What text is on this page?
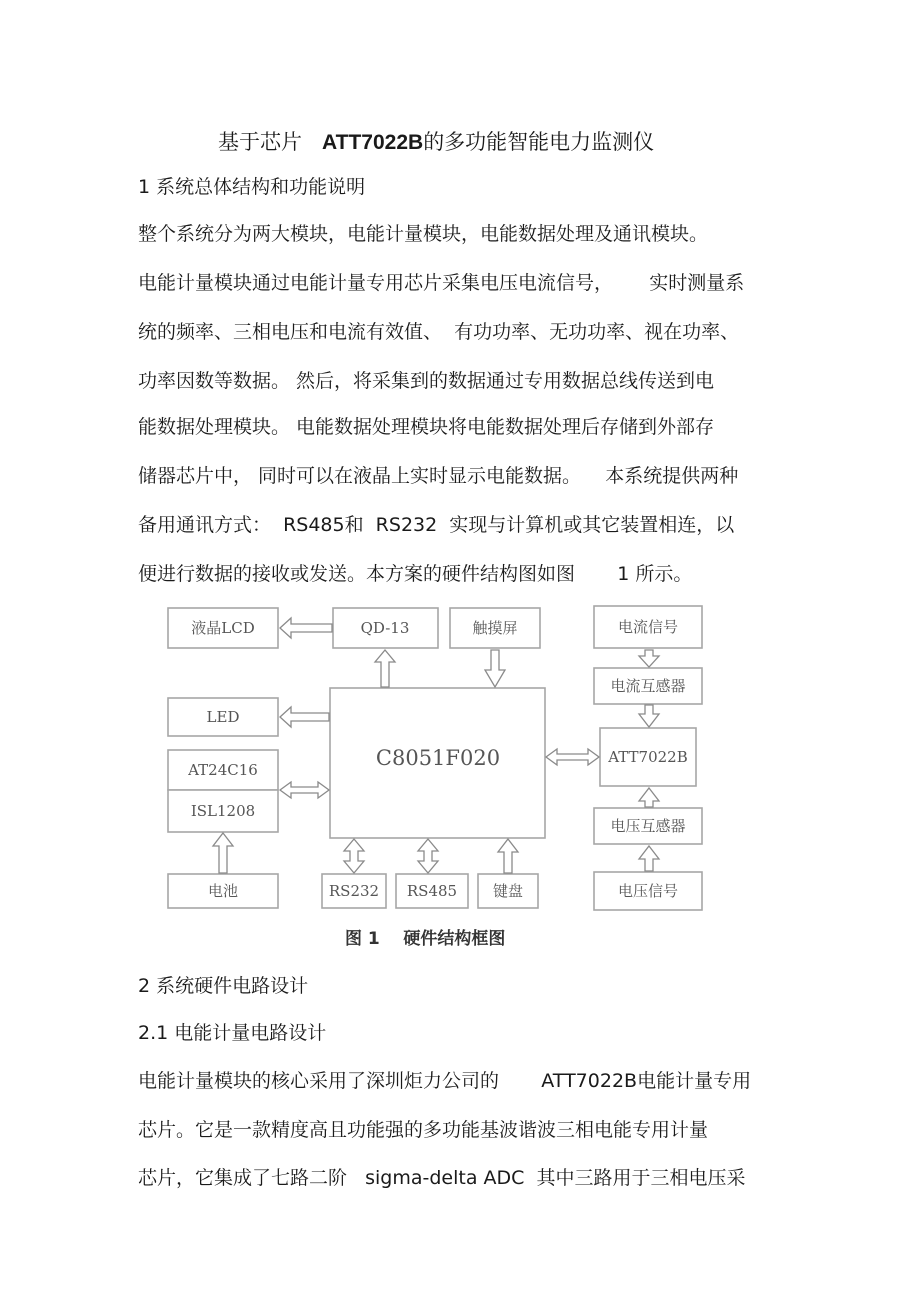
基于芯片 ATT7022B的多功能智能电力监测仪
1 系统总体结构和功能说明
整个系统分为两大模块，电能计量模块，电能数据处理及通讯模块。
电能计量模块通过电能计量专用芯片采集电压电流信号，      实时测量系
统的频率、三相电压和电流有效值、  有功功率、无功功率、视在功率、
功率因数等数据。 然后，将采集到的数据通过专用数据总线传送到电
能数据处理模块。 电能数据处理模块将电能数据处理后存储到外部存
储器芯片中， 同时可以在液晶上实时显示电能数据。    本系统提供两种
备用通讯方式：  RS485和  RS232  实现与计算机或其它装置相连，以
便进行数据的接收或发送。本方案的硬件结构图如图       1 所示。
液晶LCD	QD-13	触摸屏	电流信号
电流互感器
LED
C8051F020	ATT7022B
AT24C16
ISL1208
电压互感器
电池	RS232 RS485 键盘	电压信号
图 1    硬件结构框图
2 系统硬件电路设计
2.1 电能计量电路设计
电能计量模块的核心采用了深圳炬力公司的       ATT7022B电能计量专用
芯片。它是一款精度高且功能强的多功能基波谐波三相电能专用计量
芯片，它集成了七路二阶   sigma-delta ADC  其中三路用于三相电压采
